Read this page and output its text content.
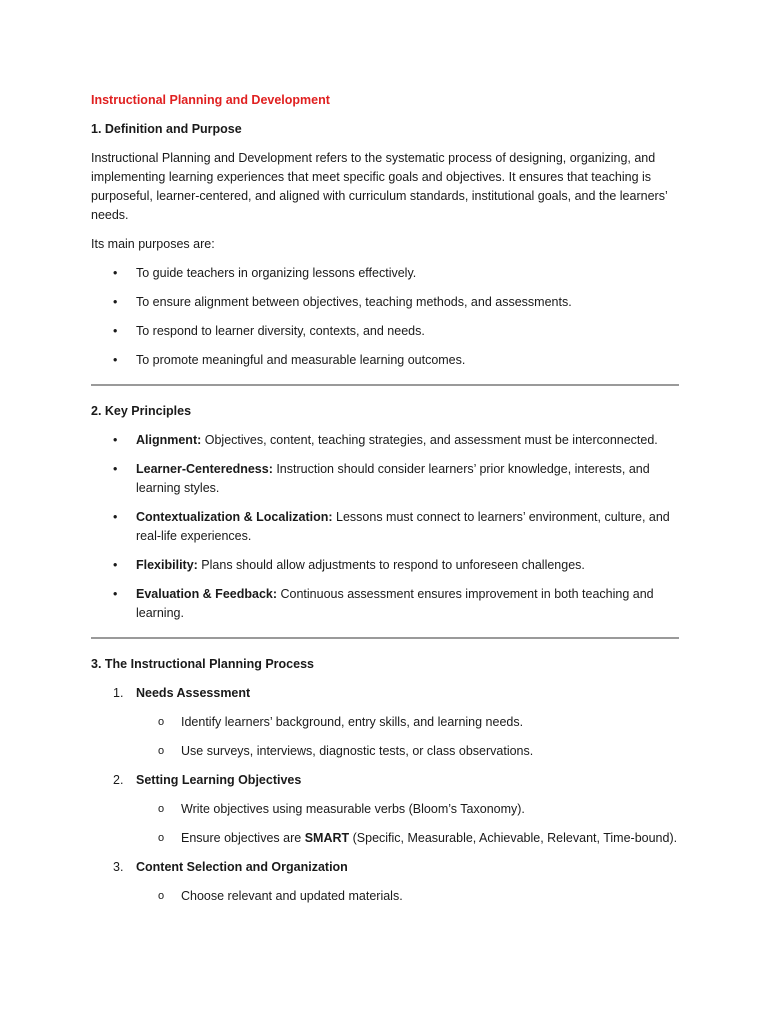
Instructional Planning and Development
1. Definition and Purpose

Instructional Planning and Development refers to the systematic process of designing, organizing, and implementing learning experiences that meet specific goals and objectives. It ensures that teaching is purposeful, learner-centered, and aligned with curriculum standards, institutional goals, and the learners’ needs.

Its main purposes are:

• To guide teachers in organizing lessons effectively.
• To ensure alignment between objectives, teaching methods, and assessments.
• To respond to learner diversity, contexts, and needs.
• To promote meaningful and measurable learning outcomes.
2. Key Principles
• Alignment: Objectives, content, teaching strategies, and assessment must be interconnected.
• Learner-Centeredness: Instruction should consider learners’ prior knowledge, interests, and learning styles.
• Contextualization & Localization: Lessons must connect to learners’ environment, culture, and real-life experiences.
• Flexibility: Plans should allow adjustments to respond to unforeseen challenges.
• Evaluation & Feedback: Continuous assessment ensures improvement in both teaching and learning.
3. The Instructional Planning Process
1. Needs Assessment
o Identify learners’ background, entry skills, and learning needs.
o Use surveys, interviews, diagnostic tests, or class observations.
2. Setting Learning Objectives
o Write objectives using measurable verbs (Bloom’s Taxonomy).
o Ensure objectives are SMART (Specific, Measurable, Achievable, Relevant, Time-bound).
3. Content Selection and Organization
o Choose relevant and updated materials.
